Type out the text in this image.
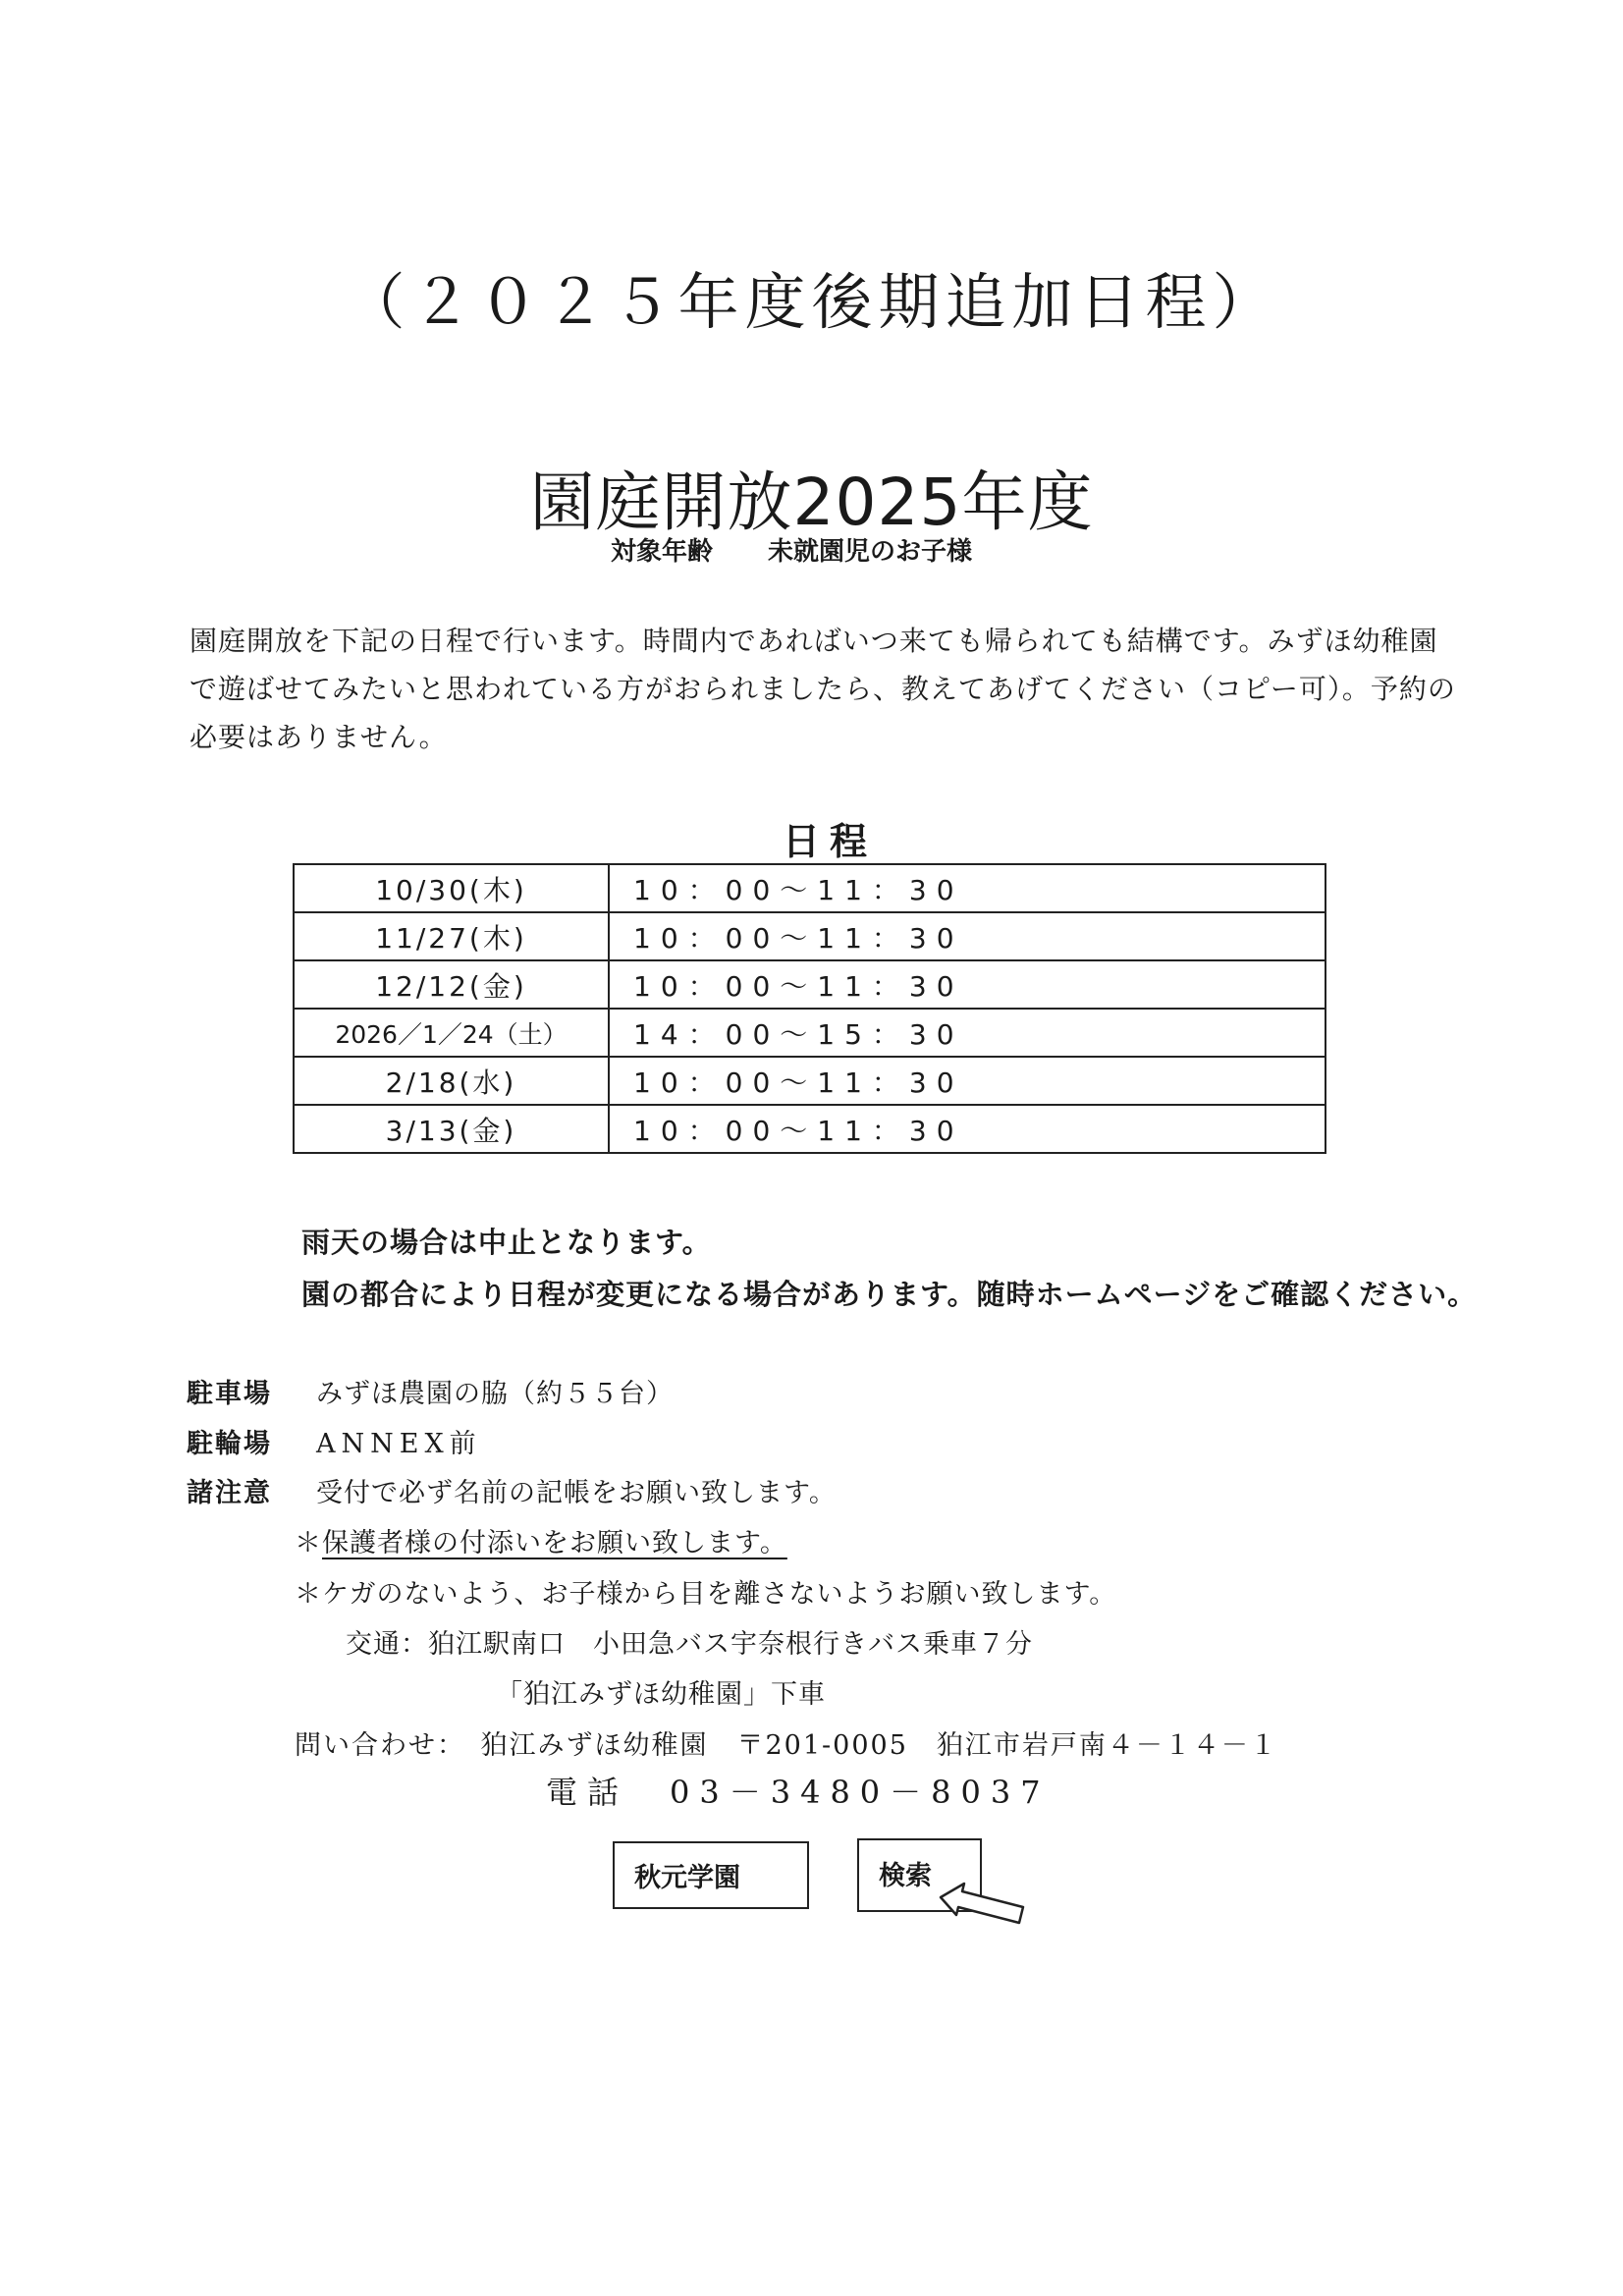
（２０２５年度後期追加日程）
園庭開放2025年度
対象年齢 未就園児のお子様
園庭開放を下記の日程で行います。時間内であればいつ来ても帰られても結構です。みずほ幼稚園で遊ばせてみたいと思われている方がおられましたら、教えてあげてください（コピー可）。予約の必要はありません。
日程
10/30(木)	10：00～11：30
11/27(木)	10：00～11：30
12/12(金)	10：00～11：30
2026／1／24（土）	14：00～15：30
2/18(水)	10：00～11：30
3/13(金)	10：00～11：30
雨天の場合は中止となります。
園の都合により日程が変更になる場合があります。随時ホームページをご確認ください。
駐車場 みずほ農園の脇（約５５台）
駐輪場 ANNEX前
諸注意 受付で必ず名前の記帳をお願い致します。
＊保護者様の付添いをお願い致します。
＊ケガのないよう、お子様から目を離さないようお願い致します。
交通：狛江駅南口　小田急バス宇奈根行きバス乗車７分
「狛江みずほ幼稚園」下車
問い合わせ：　狛江みずほ幼稚園　〒201-0005　狛江市岩戸南４－１４－１
電話　03－3480－8037
秋元学園	検索
